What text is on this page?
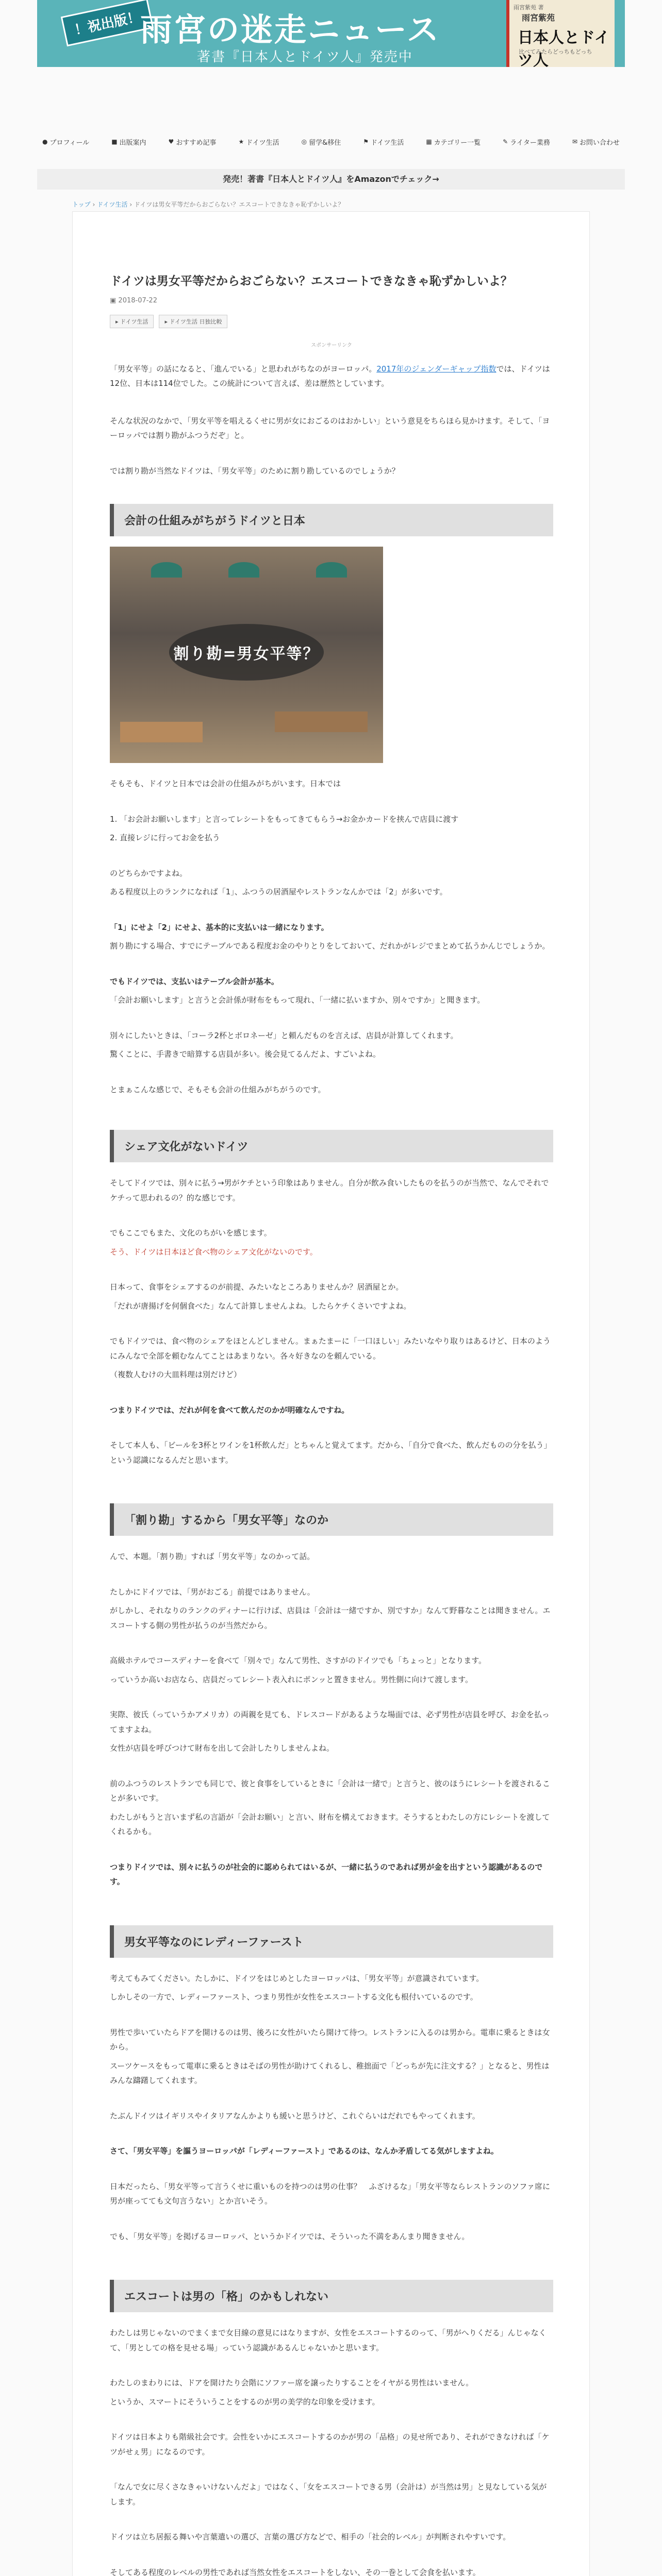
！祝出版！
雨宮の迷走ニュース
著書『日本人とドイツ人』発売中
雨宮紫苑 著
雨宮紫苑
日本人とドイツ人
比べてみたらどっちもどっち
● プロフィール	■ 出版案内	♥ おすすめ記事	★ ドイツ生活	◎ 留学&移住	⚑ ドイツ生活	▦ カテゴリー一覧	✎ ライター業務	✉ お問い合わせ
発売！著書『日本人とドイツ人』をAmazonでチェック→
トップ › ドイツ生活 › ドイツは男女平等だからおごらない？エスコートできなきゃ恥ずかしいよ？
ドイツは男女平等だからおごらない？エスコートできなきゃ恥ずかしいよ？
▣ 2018-07-22
▸ ドイツ生活	▸ ドイツ生活 日独比較
スポンサーリンク

「男女平等」の話になると、「進んでいる」と思われがちなのがヨーロッパ。2017年のジェンダーギャップ指数では、ドイツは12位、日本は114位でした。この統計について言えば、差は歴然としています。

そんな状況のなかで、「男女平等を唱えるくせに男が女におごるのはおかしい」という意見をちらほら見かけます。そして、「ヨーロッパでは割り勘がふつうだぞ」と。

では割り勘が当然なドイツは、「男女平等」のために割り勘しているのでしょうか？

会計の仕組みがちがうドイツと日本
割り勘=男女平等？

そもそも、ドイツと日本では会計の仕組みがちがいます。日本では

1. 「お会計お願いします」と言ってレシートをもってきてもらう→お金かカードを挟んで店員に渡す

2. 直接レジに行ってお金を払う

のどちらかですよね。

ある程度以上のランクになれば「1」、ふつうの居酒屋やレストランなんかでは「2」が多いです。

「1」にせよ「2」にせよ、基本的に支払いは一緒になります。

割り勘にする場合、すでにテーブルである程度お金のやりとりをしておいて、だれかがレジでまとめて払うかんじでしょうか。

でもドイツでは、支払いはテーブル会計が基本。

「会計お願いします」と言うと会計係が財布をもって現れ、「一緒に払いますか、別々ですか」と聞きます。

別々にしたいときは、「コーラ2杯とボロネーゼ」と頼んだものを言えば、店員が計算してくれます。

驚くことに、手書きで暗算する店員が多い。後会見てるんだよ、すごいよね。

とまぁこんな感じで、そもそも会計の仕組みがちがうのです。

シェア文化がないドイツ

そしてドイツでは、別々に払う→男がケチという印象はありません。自分が飲み食いしたものを払うのが当然で、なんでそれでケチって思われるの？的な感じです。

でもここでもまた、文化のちがいを感じます。

そう、ドイツは日本ほど食べ物のシェア文化がないのです。

日本って、食事をシェアするのが前提、みたいなところありませんか？居酒屋とか。

「だれが唐揚げを何個食べた」なんて計算しませんよね。したらケチくさいですよね。

でもドイツでは、食べ物のシェアをほとんどしません。まぁたまーに「一口ほしい」みたいなやり取りはあるけど、日本のようにみんなで全部を頼むなんてことはあまりない。各々好きなのを頼んでいる。

（複数人むけの大皿料理は別だけど）

つまりドイツでは、だれが何を食べて飲んだのかが明確なんですね。

そして本人も、「ビールを3杯とワインを1杯飲んだ」とちゃんと覚えてます。だから、「自分で食べた、飲んだものの分を払う」という認識になるんだと思います。

「割り勘」するから「男女平等」なのか

んで、本題。「割り勘」すれば「男女平等」なのかって話。

たしかにドイツでは、「男がおごる」前提ではありません。

がしかし、それなりのランクのディナーに行けば、店員は「会計は一緒ですか、別ですか」なんて野暮なことは聞きません。エスコートする側の男性が払うのが当然だから。

高級ホテルでコースディナーを食べて「別々で」なんて男性、さすがのドイツでも「ちょっと」となります。

っていうか高いお店なら、店員だってレシート表入れにポンッと置きません。男性側に向けて渡します。

実際、彼氏（っていうかアメリカ）の両親を見ても、ドレスコードがあるような場面では、必ず男性が店員を呼び、お金を払ってますよね。

女性が店員を呼びつけて財布を出して会計したりしませんよね。

前のふつうのレストランでも同じで、彼と食事をしているときに「会計は一緒で」と言うと、彼のほうにレシートを渡されることが多いです。

わたしがもうと言いまず私の言語が「会計お願い」と言い、財布を構えておきます。そうするとわたしの方にレシートを渡してくれるかも。

つまりドイツでは、別々に払うのが社会的に認められてはいるが、一緒に払うのであれば男が金を出すという認識があるのです。

男女平等なのにレディーファースト

考えてもみてください。たしかに、ドイツをはじめとしたヨーロッパは、「男女平等」が意識されています。

しかしその一方で、レディーファースト、つまり男性が女性をエスコートする文化も根付いているのです。

男性で歩いていたらドアを開けるのは男、後ろに女性がいたら開けて待つ。レストランに入るのは男から。電車に乗るときは女から。

スーツケースをもって電車に乗るときはそばの男性が助けてくれるし、稚拙面で「どっちが先に注文する？」となると、男性はみんな躊躇してくれます。

たぶんドイツはイギリスやイタリアなんかよりも緩いと思うけど、これぐらいはだれでもやってくれます。

さて、「男女平等」を謳うヨーロッパが「レディーファースト」であるのは、なんか矛盾してる気がしますよね。

日本だったら、「男女平等って言うくせに重いものを持つのは男の仕事？　ふざけるな」「男女平等ならレストランのソファ席に男が座ってても文句言うない」とか言いそう。

でも、「男女平等」を掲げるヨーロッパ、というかドイツでは、そういった不満をあんまり聞きません。

エスコートは男の「格」のかもしれない

わたしは男じゃないのでまくまで女目線の意見にはなりますが、女性をエスコートするのって、「男がへりくだる」んじゃなくて、「男としての格を見せる場」っていう認識があるんじゃないかと思います。

わたしのまわりには、ドアを開けたり会階にソファー席を譲ったりすることをイヤがる男性はいません。

というか、スマートにそういうことをするのが男の美学的な印象を受けます。

ドイツは日本よりも階級社会です。会性をいかにエスコートするのかが男の「品格」の見せ所であり、それができなければ「ケツがせぇ男」になるのです。

「なんで女に尽くさなきゃいけないんだよ」ではなく、「女をエスコートできる男（会計は）が当然は男」と見なしている気がします。

ドイツは立ち居振る舞いや言葉遣いの選び、言葉の選び方などで、相手の「社会的レベル」が判断されやすいです。

そしてある程度のレベルの男性であれば当然女性をエスコートをしない、その一巻として会食を払います。
